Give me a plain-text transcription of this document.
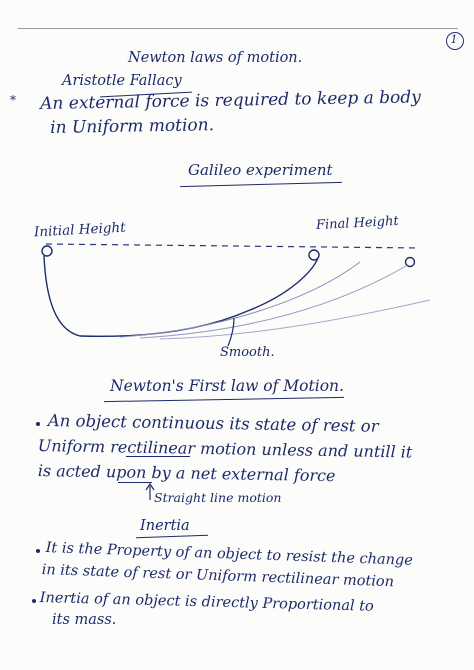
1
Newton laws of motion.
Aristotle Fallacy
* An external force is required to keep a body
in Uniform motion.
Galileo experiment
Initial Height	Final Height
Smooth.
Newton's First law of Motion.
An object continuous its state of rest or
Uniform rectilinear motion unless and untill it
is acted upon by a net external force
Straight line motion
Inertia
It is the Property of an object to resist the change
in its state of rest or Uniform rectilinear motion
Inertia of an object is directly Proportional to
its mass.
